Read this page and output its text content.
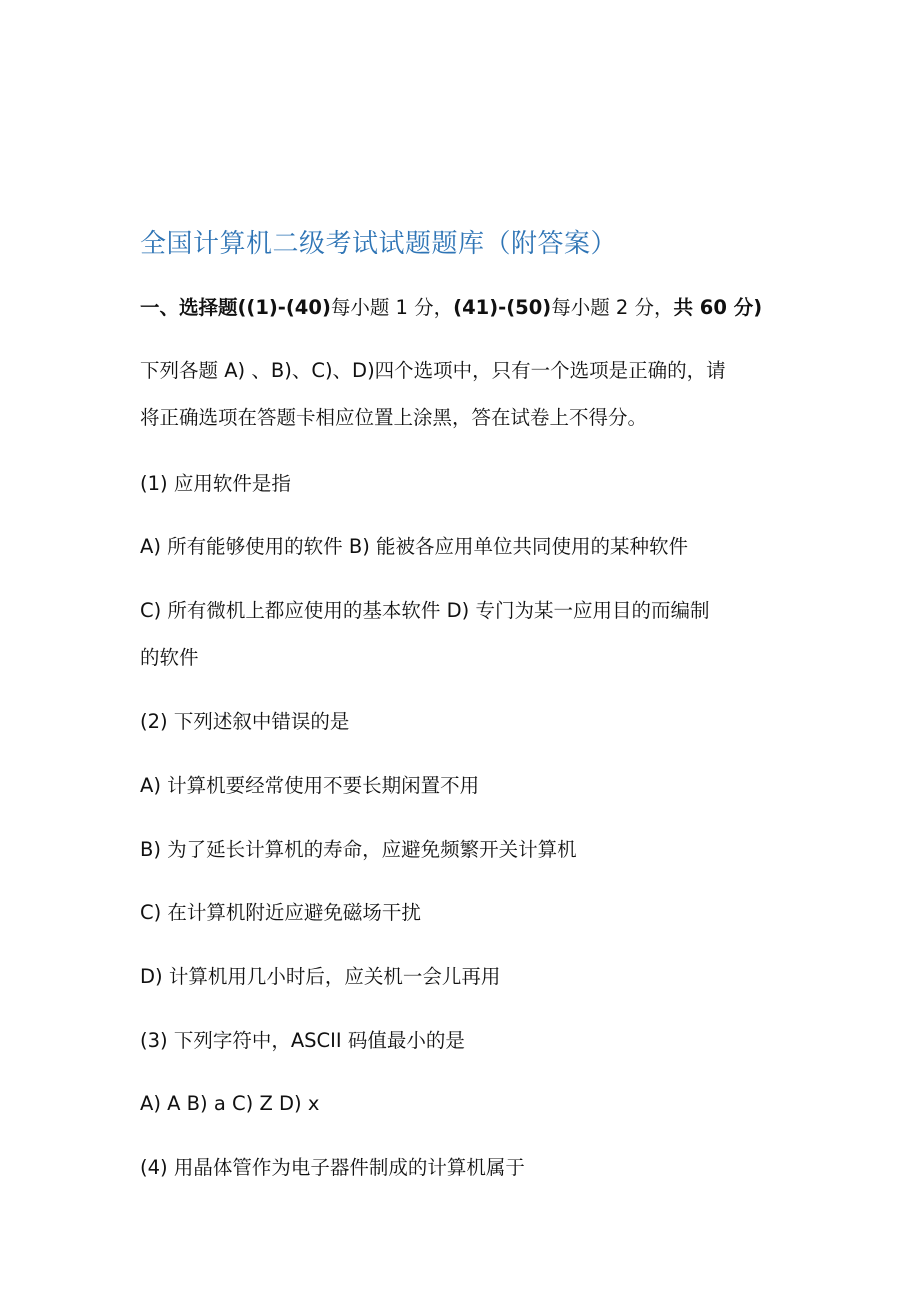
全国计算机二级考试试题题库（附答案）
一、选择题((1)-(40)每小题 1 分，(41)-(50)每小题 2 分，共 60 分)
下列各题 A) 、B)、C)、D)四个选项中，只有一个选项是正确的，请
将正确选项在答题卡相应位置上涂黑，答在试卷上不得分。
(1) 应用软件是指
A) 所有能够使用的软件 B) 能被各应用单位共同使用的某种软件
C) 所有微机上都应使用的基本软件 D) 专门为某一应用目的而编制
的软件
(2) 下列述叙中错误的是
A) 计算机要经常使用不要长期闲置不用
B) 为了延长计算机的寿命，应避免频繁开关计算机
C) 在计算机附近应避免磁场干扰
D) 计算机用几小时后，应关机一会儿再用
(3) 下列字符中，ASCII 码值最小的是
A) A B) a C) Z D) x
(4) 用晶体管作为电子器件制成的计算机属于
